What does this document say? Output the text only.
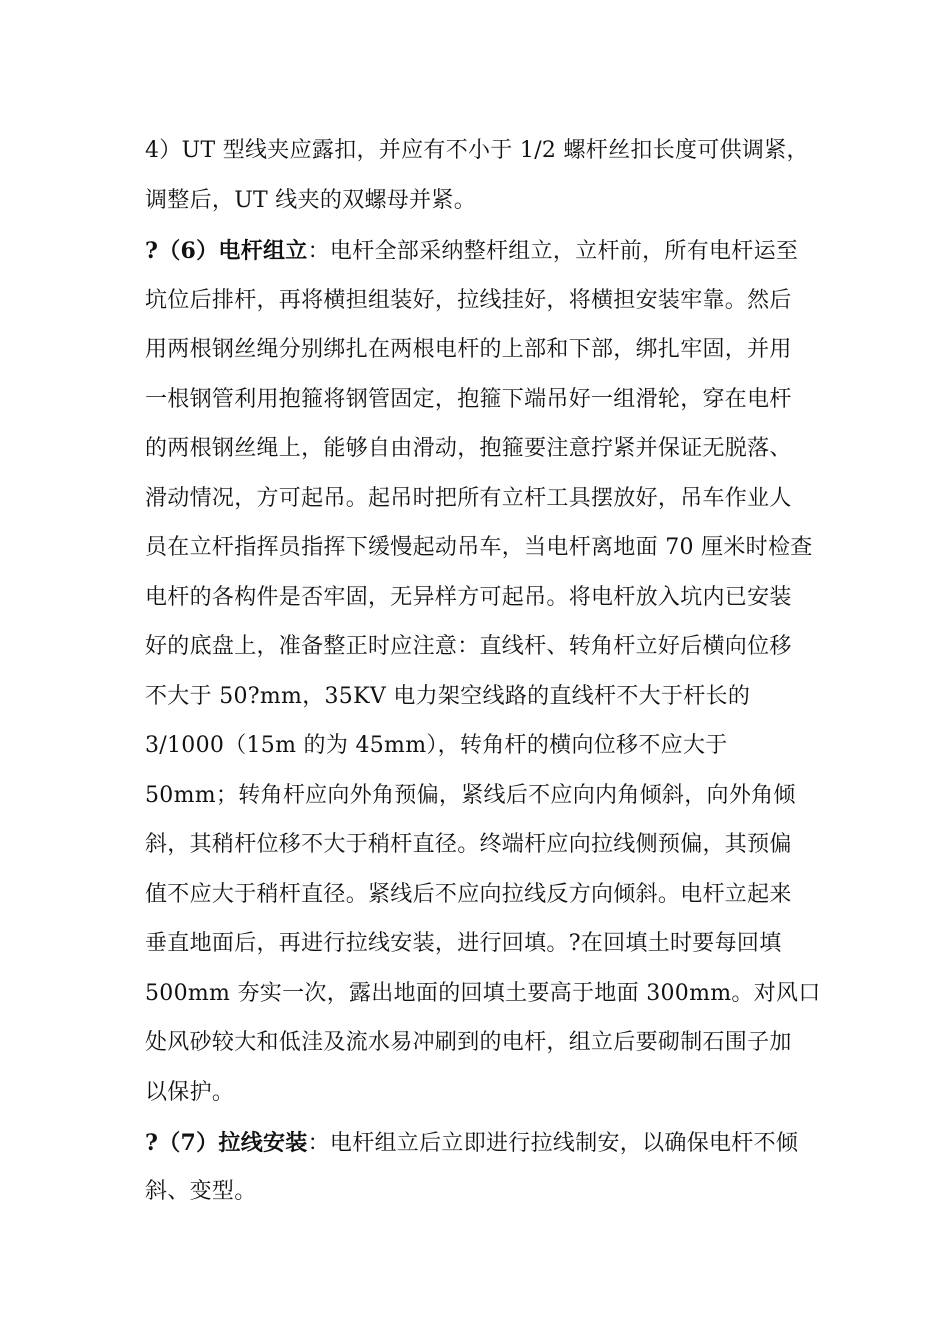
4）UT 型线夹应露扣，并应有不小于 1/2 螺杆丝扣长度可供调紧，
调整后，UT 线夹的双螺母并紧。
?（6）电杆组立：电杆全部采纳整杆组立，立杆前，所有电杆运至
坑位后排杆，再将横担组装好，拉线挂好，将横担安装牢靠。然后
用两根钢丝绳分别绑扎在两根电杆的上部和下部，绑扎牢固，并用
一根钢管利用抱箍将钢管固定，抱箍下端吊好一组滑轮，穿在电杆
的两根钢丝绳上，能够自由滑动，抱箍要注意拧紧并保证无脱落、
滑动情况，方可起吊。起吊时把所有立杆工具摆放好，吊车作业人
员在立杆指挥员指挥下缓慢起动吊车，当电杆离地面 70 厘米时检查
电杆的各构件是否牢固，无异样方可起吊。将电杆放入坑内已安装
好的底盘上，准备整正时应注意：直线杆、转角杆立好后横向位移
不大于 50?mm，35KV 电力架空线路的直线杆不大于杆长的
3/1000（15m 的为 45mm），转角杆的横向位移不应大于
50mm；转角杆应向外角预偏，紧线后不应向内角倾斜，向外角倾
斜，其稍杆位移不大于稍杆直径。终端杆应向拉线侧预偏，其预偏
值不应大于稍杆直径。紧线后不应向拉线反方向倾斜。电杆立起来
垂直地面后，再进行拉线安装，进行回填。?在回填土时要每回填
500mm 夯实一次，露出地面的回填土要高于地面 300mm。对风口
处风砂较大和低洼及流水易冲刷到的电杆，组立后要砌制石围子加
以保护。
?（7）拉线安装：电杆组立后立即进行拉线制安，以确保电杆不倾
斜、变型。
